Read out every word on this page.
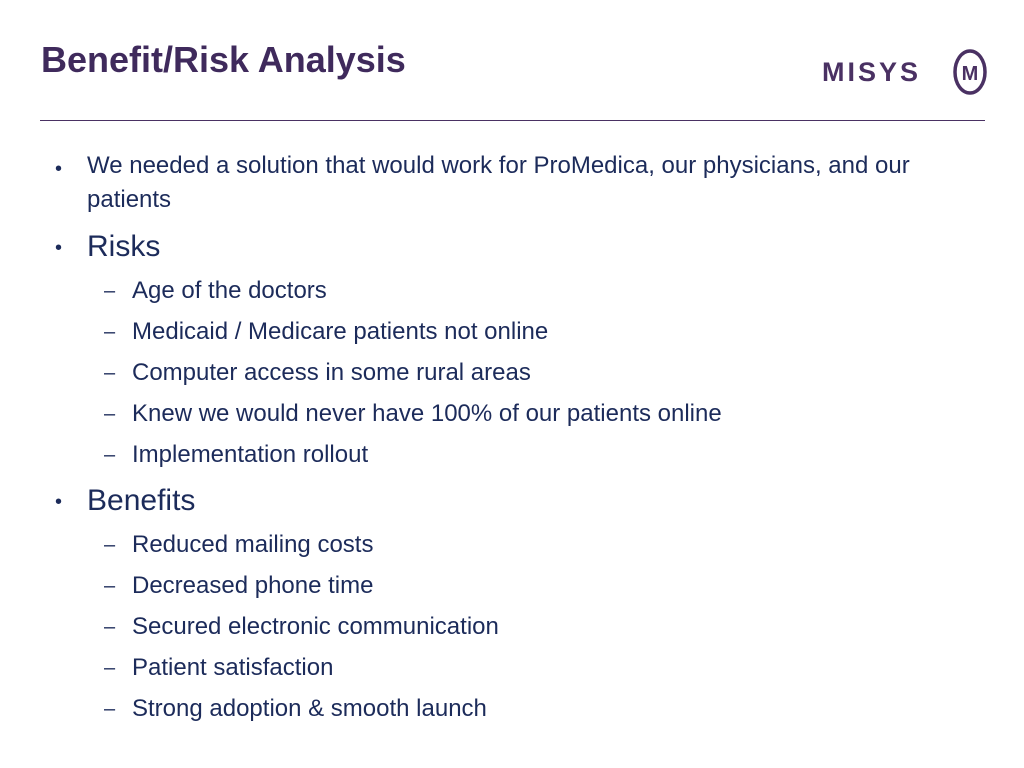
Benefit/Risk Analysis	MISYS M
• We needed a solution that would work for ProMedica, our physicians, and our patients
• Risks
– Age of the doctors
– Medicaid / Medicare patients not online
– Computer access in some rural areas
– Knew we would never have 100% of our patients online
– Implementation rollout
• Benefits
– Reduced mailing costs
– Decreased phone time
– Secured electronic communication
– Patient satisfaction
– Strong adoption & smooth launch
